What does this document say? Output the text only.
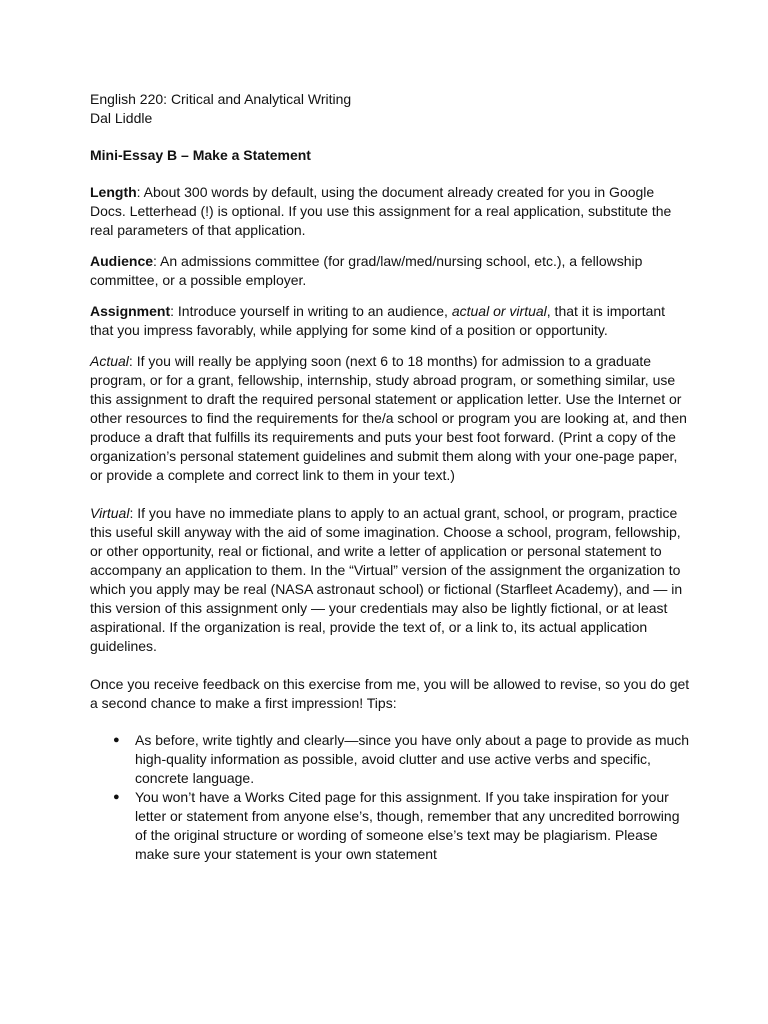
English 220: Critical and Analytical Writing

Dal Liddle

Mini-Essay B – Make a Statement

Length: About 300 words by default, using the document already created for you in Google Docs. Letterhead (!) is optional. If you use this assignment for a real application, substitute the real parameters of that application.

Audience: An admissions committee (for grad/law/med/nursing school, etc.), a fellowship committee, or a possible employer.

Assignment: Introduce yourself in writing to an audience, actual or virtual, that it is important that you impress favorably, while applying for some kind of a position or opportunity.

Actual: If you will really be applying soon (next 6 to 18 months) for admission to a graduate program, or for a grant, fellowship, internship, study abroad program, or something similar, use this assignment to draft the required personal statement or application letter. Use the Internet or other resources to find the requirements for the/a school or program you are looking at, and then produce a draft that fulfills its requirements and puts your best foot forward. (Print a copy of the organization’s personal statement guidelines and submit them along with your one-page paper, or provide a complete and correct link to them in your text.)

Virtual: If you have no immediate plans to apply to an actual grant, school, or program, practice this useful skill anyway with the aid of some imagination. Choose a school, program, fellowship, or other opportunity, real or fictional, and write a letter of application or personal statement to accompany an application to them. In the “Virtual” version of the assignment the organization to which you apply may be real (NASA astronaut school) or fictional (Starfleet Academy), and — in this version of this assignment only — your credentials may also be lightly fictional, or at least aspirational. If the organization is real, provide the text of, or a link to, its actual application guidelines.

Once you receive feedback on this exercise from me, you will be allowed to revise, so you do get a second chance to make a first impression! Tips:

● As before, write tightly and clearly—since you have only about a page to provide as much high-quality information as possible, avoid clutter and use active verbs and specific, concrete language.
● You won’t have a Works Cited page for this assignment. If you take inspiration for your letter or statement from anyone else’s, though, remember that any uncredited borrowing of the original structure or wording of someone else’s text may be plagiarism. Please make sure your statement is your own statement
